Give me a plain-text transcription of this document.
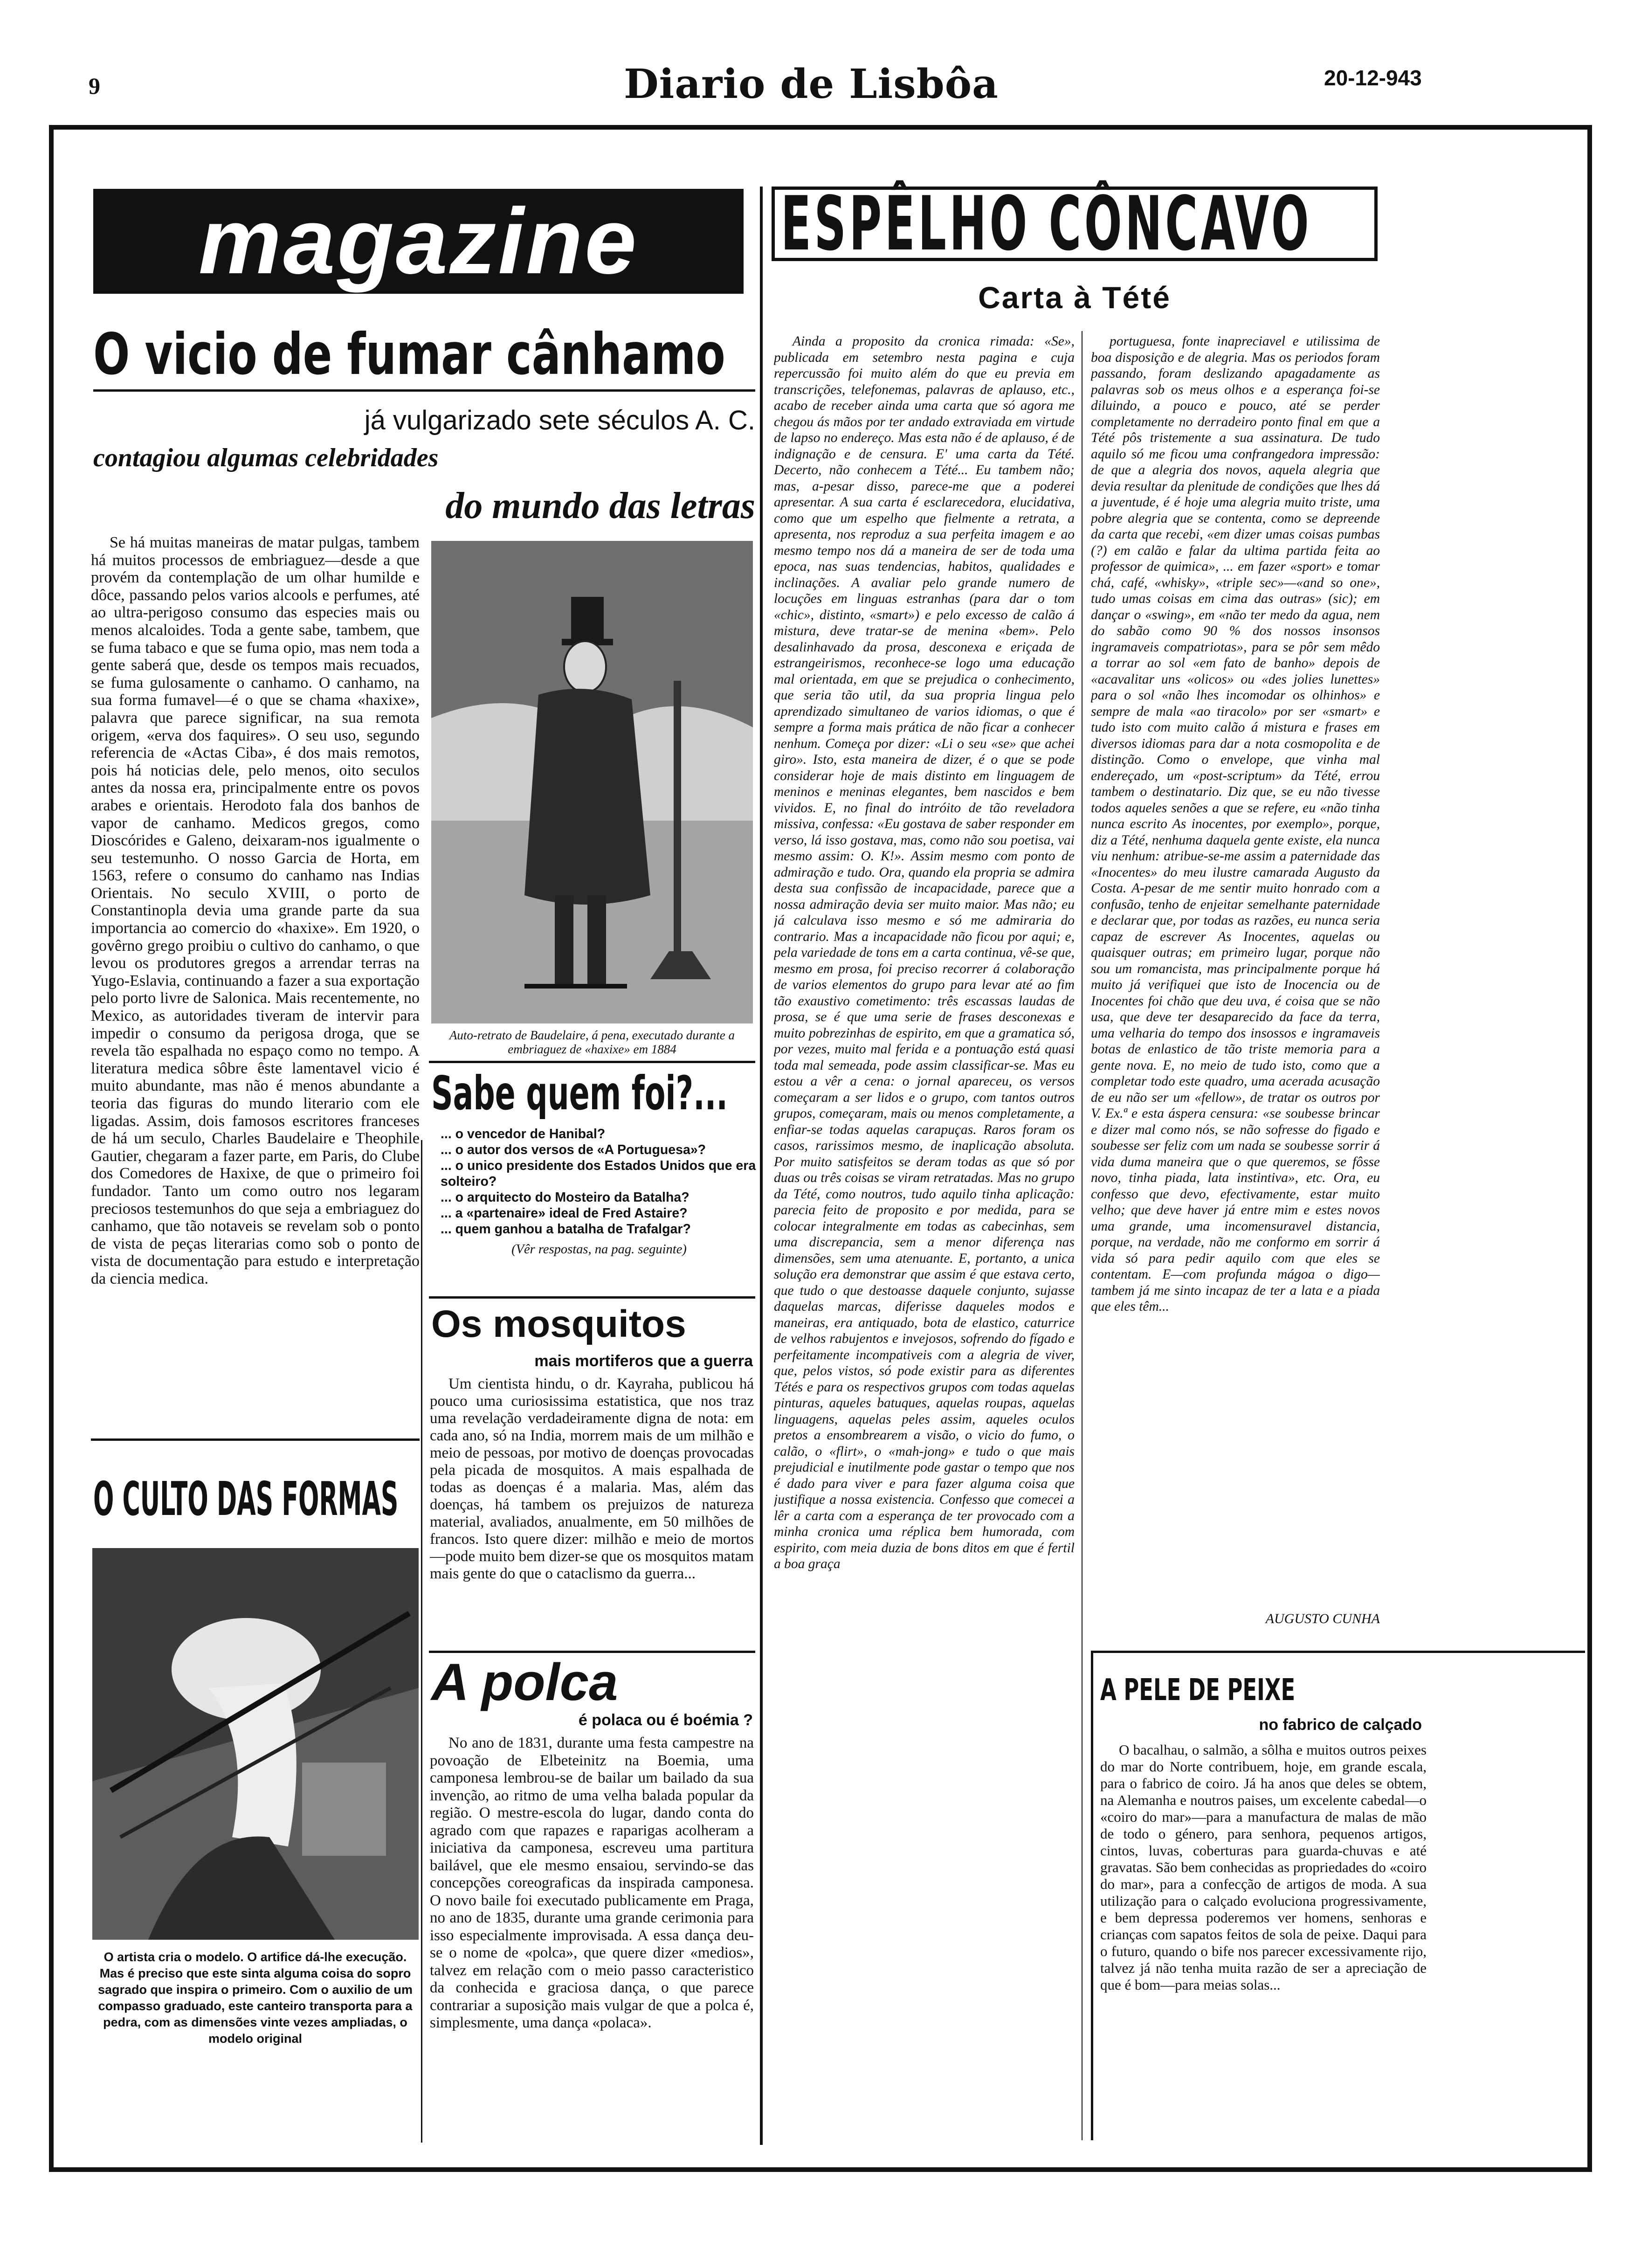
9	Diario de Lisbôa	20-12-943
magazine
O vicio de fumar cânhamo
já vulgarizado sete séculos A. C.
contagiou algumas celebridades
do mundo das letras

Se há muitas maneiras de matar pulgas, tambem há muitos processos de embriaguez—desde a que provém da contemplação de um olhar humilde e dôce, passando pelos varios alcools e perfumes, até ao ultra-perigoso consumo das especies mais ou menos alcaloides. Toda a gente sabe, tambem, que se fuma tabaco e que se fuma opio, mas nem toda a gente saberá que, desde os tempos mais recuados, se fuma gulosamente o canhamo. O canhamo, na sua forma fumavel—é o que se chama «haxixe», palavra que parece significar, na sua remota origem, «erva dos faquires». O seu uso, segundo referencia de «Actas Ciba», é dos mais remotos, pois há noticias dele, pelo menos, oito seculos antes da nossa era, principalmente entre os povos arabes e orientais. Herodoto fala dos banhos de vapor de canhamo. Medicos gregos, como Dioscórides e Galeno, deixaram-nos igualmente o seu testemunho. O nosso Garcia de Horta, em 1563, refere o consumo do canhamo nas Indias Orientais. No seculo XVIII, o porto de Constantinopla devia uma grande parte da sua importancia ao comercio do «haxixe». Em 1920, o govêrno grego proibiu o cultivo do canhamo, o que levou os produtores gregos a arrendar terras na Yugo-Eslavia, continuando a fazer a sua exportação pelo porto livre de Salonica. Mais recentemente, no Mexico, as autoridades tiveram de intervir para impedir o consumo da perigosa droga, que se revela tão espalhada no espaço como no tempo. A literatura medica sôbre êste lamentavel vicio é muito abundante, mas não é menos abundante a teoria das figuras do mundo literario com ele ligadas. Assim, dois famosos escritores franceses de há um seculo, Charles Baudelaire e Theophile Gautier, chegaram a fazer parte, em Paris, do Clube dos Comedores de Haxixe, de que o primeiro foi fundador. Tanto um como outro nos legaram preciosos testemunhos do que seja a embriaguez do canhamo, que tão notaveis se revelam sob o ponto de vista de peças literarias como sob o ponto de vista de documentação para estudo e interpretação da ciencia medica.

Auto-retrato de Baudelaire, á pena, executado durante a embriaguez de «haxixe» em 1884
Sabe quem foi?...
... o vencedor de Hanibal?
... o autor dos versos de «A Portuguesa»?
... o unico presidente dos Estados Unidos que era solteiro?
... o arquitecto do Mosteiro da Batalha?
... a «partenaire» ideal de Fred Astaire?
... quem ganhou a batalha de Trafalgar?
(Vêr respostas, na pag. seguinte)
Os mosquitos
mais mortiferos que a guerra

Um cientista hindu, o dr. Kayraha, publicou há pouco uma curiosissima estatistica, que nos traz uma revelação verdadeiramente digna de nota: em cada ano, só na India, morrem mais de um milhão e meio de pessoas, por motivo de doenças provocadas pela picada de mosquitos. A mais espalhada de todas as doenças é a malaria. Mas, além das doenças, há tambem os prejuizos de natureza material, avaliados, anualmente, em 50 milhões de francos. Isto quere dizer: milhão e meio de mortos—pode muito bem dizer-se que os mosquitos matam mais gente do que o cataclismo da guerra...

A polca
é polaca ou é boémia ?

No ano de 1831, durante uma festa campestre na povoação de Elbeteinitz na Boemia, uma camponesa lembrou-se de bailar um bailado da sua invenção, ao ritmo de uma velha balada popular da região. O mestre-escola do lugar, dando conta do agrado com que rapazes e raparigas acolheram a iniciativa da camponesa, escreveu uma partitura bailável, que ele mesmo ensaiou, servindo-se das concepções coreograficas da inspirada camponesa. O novo baile foi executado publicamente em Praga, no ano de 1835, durante uma grande cerimonia para isso especialmente improvisada. A essa dança deu-se o nome de «polca», que quere dizer «medios», talvez em relação com o meio passo caracteristico da conhecida e graciosa dança, o que parece contrariar a suposição mais vulgar de que a polca é, simplesmente, uma dança «polaca».

O CULTO DAS FORMAS
O artista cria o modelo. O artifice dá-lhe execução. Mas é preciso que este sinta alguma coisa do sopro sagrado que inspira o primeiro. Com o auxilio de um compasso graduado, este canteiro transporta para a pedra, com as dimensões vinte vezes ampliadas, o modelo original
ESPÊLHO CÔNCAVO
Carta à Tété

Ainda a proposito da cronica rimada: «Se», publicada em setembro nesta pagina e cuja repercussão foi muito além do que eu previa em transcrições, telefonemas, palavras de aplauso, etc., acabo de receber ainda uma carta que só agora me chegou ás mãos por ter andado extraviada em virtude de lapso no endereço. Mas esta não é de aplauso, é de indignação e de censura. E' uma carta da Tété. Decerto, não conhecem a Tété... Eu tambem não; mas, a-pesar disso, parece-me que a poderei apresentar. A sua carta é esclarecedora, elucidativa, como que um espelho que fielmente a retrata, a apresenta, nos reproduz a sua perfeita imagem e ao mesmo tempo nos dá a maneira de ser de toda uma epoca, nas suas tendencias, habitos, qualidades e inclinações. A avaliar pelo grande numero de locuções em linguas estranhas (para dar o tom «chic», distinto, «smart») e pelo excesso de calão á mistura, deve tratar-se de menina «bem». Pelo desalinhavado da prosa, desconexa e eriçada de estrangeirismos, reconhece-se logo uma educação mal orientada, em que se prejudica o conhecimento, que seria tão util, da sua propria lingua pelo aprendizado simultaneo de varios idiomas, o que é sempre a forma mais prática de não ficar a conhecer nenhum. Começa por dizer: «Li o seu «se» que achei giro». Isto, esta maneira de dizer, é o que se pode considerar hoje de mais distinto em linguagem de meninos e meninas elegantes, bem nascidos e bem vividos. E, no final do intróito de tão reveladora missiva, confessa: «Eu gostava de saber responder em verso, lá isso gostava, mas, como não sou poetisa, vai mesmo assim: O. K!». Assim mesmo com ponto de admiração e tudo. Ora, quando ela propria se admira desta sua confissão de incapacidade, parece que a nossa admiração devia ser muito maior. Mas não; eu já calculava isso mesmo e só me admiraria do contrario. Mas a incapacidade não ficou por aqui; e, pela variedade de tons em a carta continua, vê-se que, mesmo em prosa, foi preciso recorrer á colaboração de varios elementos do grupo para levar até ao fim tão exaustivo cometimento: três escassas laudas de prosa, se é que uma serie de frases desconexas e muito pobrezinhas de espirito, em que a gramatica só, por vezes, muito mal ferida e a pontuação está quasi toda mal semeada, pode assim classificar-se. Mas eu estou a vêr a cena: o jornal apareceu, os versos começaram a ser lidos e o grupo, com tantos outros grupos, começaram, mais ou menos completamente, a enfiar-se todas aquelas carapuças. Raros foram os casos, rarissimos mesmo, de inaplicação absoluta. Por muito satisfeitos se deram todas as que só por duas ou três coisas se viram retratadas. Mas no grupo da Tété, como noutros, tudo aquilo tinha aplicação: parecia feito de proposito e por medida, para se colocar integralmente em todas as cabecinhas, sem uma discrepancia, sem a menor diferença nas dimensões, sem uma atenuante. E, portanto, a unica solução era demonstrar que assim é que estava certo, que tudo o que destoasse daquele conjunto, sujasse daquelas marcas, diferisse daqueles modos e maneiras, era antiquado, bota de elastico, caturrice de velhos rabujentos e invejosos, sofrendo do fígado e perfeitamente incompativeis com a alegria de viver, que, pelos vistos, só pode existir para as diferentes Tétés e para os respectivos grupos com todas aquelas pinturas, aqueles batuques, aquelas roupas, aquelas linguagens, aquelas peles assim, aqueles oculos pretos a ensombrearem a visão, o vicio do fumo, o calão, o «flirt», o «mah-jong» e tudo o que mais prejudicial e inutilmente pode gastar o tempo que nos é dado para viver e para fazer alguma coisa que justifique a nossa existencia. Confesso que comecei a lêr a carta com a esperança de ter provocado com a minha cronica uma réplica bem humorada, com espirito, com meia duzia de bons ditos em que é fertil a boa graça

portuguesa, fonte inapreciavel e utilissima de boa disposição e de alegria. Mas os periodos foram passando, foram deslizando apagadamente as palavras sob os meus olhos e a esperança foi-se diluindo, a pouco e pouco, até se perder completamente no derradeiro ponto final em que a Tété pôs tristemente a sua assinatura. De tudo aquilo só me ficou uma confrangedora impressão: de que a alegria dos novos, aquela alegria que devia resultar da plenitude de condições que lhes dá a juventude, é é hoje uma alegria muito triste, uma pobre alegria que se contenta, como se depreende da carta que recebi, «em dizer umas coisas pumbas (?) em calão e falar da ultima partida feita ao professor de quimica», ... em fazer «sport» e tomar chá, café, «whisky», «triple sec»—«and so one», tudo umas coisas em cima das outras» (sic); em dançar o «swing», em «não ter medo da agua, nem do sabão como 90 % dos nossos insonsos ingramaveis compatriotas», para se pôr sem mêdo a torrar ao sol «em fato de banho» depois de «acavalitar uns «olicos» ou «des jolies lunettes» para o sol «não lhes incomodar os olhinhos» e sempre de mala «ao tiracolo» por ser «smart» e tudo isto com muito calão á mistura e frases em diversos idiomas para dar a nota cosmopolita e de distinção. Como o envelope, que vinha mal endereçado, um «post-scriptum» da Tété, errou tambem o destinatario. Diz que, se eu não tivesse todos aqueles senões a que se refere, eu «não tinha nunca escrito As inocentes, por exemplo», porque, diz a Tété, nenhuma daquela gente existe, ela nunca viu nenhum: atribue-se-me assim a paternidade das «Inocentes» do meu ilustre camarada Augusto da Costa. A-pesar de me sentir muito honrado com a confusão, tenho de enjeitar semelhante paternidade e declarar que, por todas as razões, eu nunca seria capaz de escrever As Inocentes, aquelas ou quaisquer outras; em primeiro lugar, porque não sou um romancista, mas principalmente porque há muito já verifiquei que isto de Inocencia ou de Inocentes foi chão que deu uva, é coisa que se não usa, que deve ter desaparecido da face da terra, uma velharia do tempo dos insossos e ingramaveis botas de enlastico de tão triste memoria para a gente nova. E, no meio de tudo isto, como que a completar todo este quadro, uma acerada acusação de eu não ser um «fellow», de tratar os outros por V. Ex.ª e esta áspera censura: «se soubesse brincar e dizer mal como nós, se não sofresse do figado e soubesse ser feliz com um nada se soubesse sorrir á vida duma maneira que o que queremos, se fôsse novo, tinha piada, lata instintiva», etc. Ora, eu confesso que devo, efectivamente, estar muito velho; que deve haver já entre mim e estes novos uma grande, uma incomensuravel distancia, porque, na verdade, não me conformo em sorrir á vida só para pedir aquilo com que eles se contentam. E—com profunda mágoa o digo—tambem já me sinto incapaz de ter a lata e a piada que eles têm...

AUGUSTO CUNHA
A PELE DE PEIXE
no fabrico de calçado

O bacalhau, o salmão, a sôlha e muitos outros peixes do mar do Norte contribuem, hoje, em grande escala, para o fabrico de coiro. Já ha anos que deles se obtem, na Alemanha e noutros paises, um excelente cabedal—o «coiro do mar»—para a manufactura de malas de mão de todo o género, para senhora, pequenos artigos, cintos, luvas, coberturas para guarda-chuvas e até gravatas. São bem conhecidas as propriedades do «coiro do mar», para a confecção de artigos de moda. A sua utilização para o calçado evoluciona progressivamente, e bem depressa poderemos ver homens, senhoras e crianças com sapatos feitos de sola de peixe. Daqui para o futuro, quando o bife nos parecer excessivamente rijo, talvez já não tenha muita razão de ser a apreciação de que é bom—para meias solas...
